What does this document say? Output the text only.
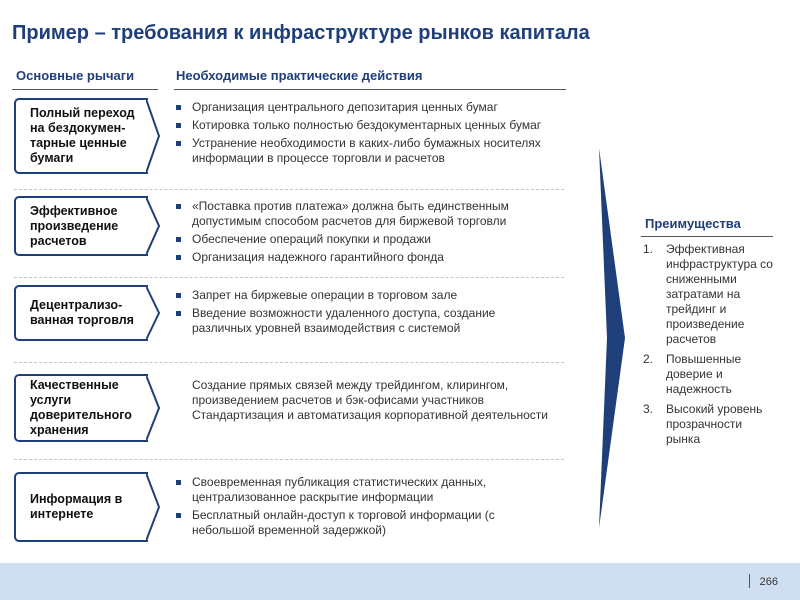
Пример – требования к инфраструктуре рынков капитала
Основные рычаги	Необходимые практические действия
Полный переход на бездокумен-тарные ценные бумаги
Эффективное произведение расчетов
Децентрализо-ванная торговля
Качественные услуги доверительного хранения
Информация в интернете
Организация центрального депозитария ценных бумаг
Котировка только полностью бездокументарных ценных бумаг
Устранение необходимости в каких-либо бумажных носителях информации в процессе торговли и расчетов
«Поставка против платежа» должна быть единственным допустимым способом расчетов для биржевой торговли
Обеспечение операций покупки и продажи
Организация надежного гарантийного фонда
Запрет на биржевые операции в торговом зале
Введение возможности удаленного доступа, создание различных уровней взаимодействия с системой
Создание прямых связей между трейдингом, клирингом, произведением расчетов и бэк-офисами участников
Стандартизация и автоматизация корпоративной деятельности
Своевременная публикация статистических данных, централизованное раскрытие информации
Бесплатный онлайн-доступ к торговой информации (с небольшой временной задержкой)
Преимущества
1. Эффективная инфраструктура со сниженными затратами на трейдинг и произведение расчетов
2. Повышенные доверие и надежность
3. Высокий уровень прозрачности рынка
266
